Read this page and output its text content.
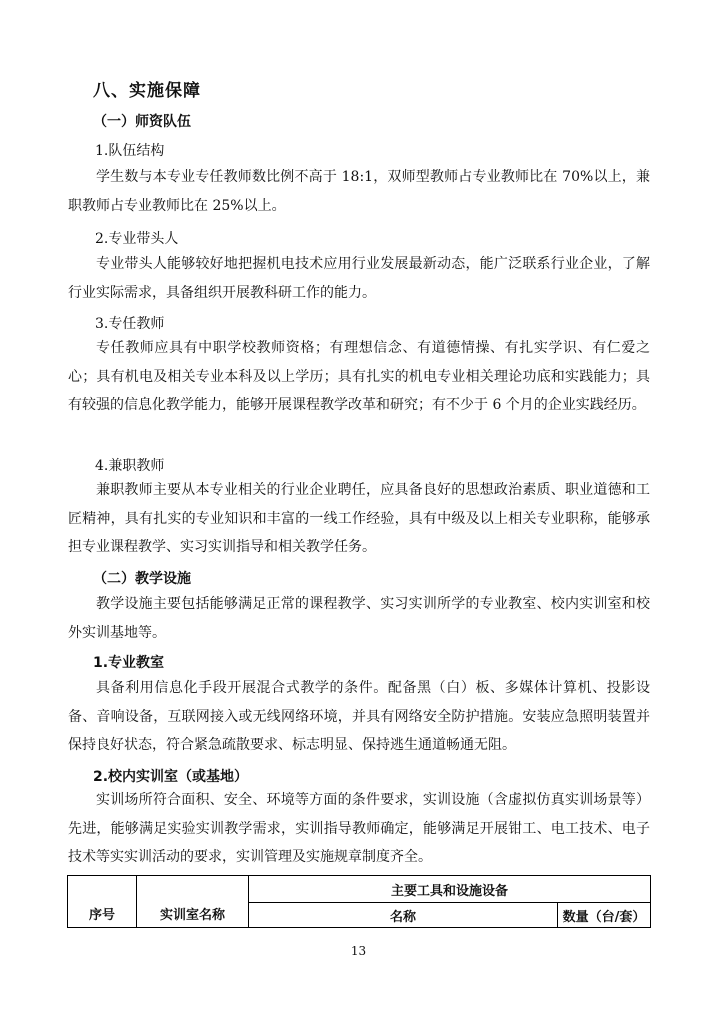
八、实施保障
（一）师资队伍
1.队伍结构
学生数与本专业专任教师数比例不高于 18:1，双师型教师占专业教师比在 70%以上，兼职教师占专业教师比在 25%以上。
2.专业带头人
专业带头人能够较好地把握机电技术应用行业发展最新动态，能广泛联系行业企业，了解行业实际需求，具备组织开展教科研工作的能力。
3.专任教师
专任教师应具有中职学校教师资格；有理想信念、有道德情操、有扎实学识、有仁爱之心；具有机电及相关专业本科及以上学历；具有扎实的机电专业相关理论功底和实践能力；具有较强的信息化教学能力，能够开展课程教学改革和研究；有不少于 6 个月的企业实践经历。
4.兼职教师
兼职教师主要从本专业相关的行业企业聘任，应具备良好的思想政治素质、职业道德和工匠精神，具有扎实的专业知识和丰富的一线工作经验，具有中级及以上相关专业职称，能够承担专业课程教学、实习实训指导和相关教学任务。
（二）教学设施
教学设施主要包括能够满足正常的课程教学、实习实训所学的专业教室、校内实训室和校外实训基地等。
1.专业教室
具备利用信息化手段开展混合式教学的条件。配备黑（白）板、多媒体计算机、投影设备、音响设备，互联网接入或无线网络环境，并具有网络安全防护措施。安装应急照明装置并保持良好状态，符合紧急疏散要求、标志明显、保持逃生通道畅通无阻。
2.校内实训室（或基地）
实训场所符合面积、安全、环境等方面的条件要求，实训设施（含虚拟仿真实训场景等）先进，能够满足实验实训教学需求，实训指导教师确定，能够满足开展钳工、电工技术、电子技术等实实训活动的要求，实训管理及实施规章制度齐全。
序号	实训室名称	主要工具和设施设备	
		名称	数量（台/套）
13
